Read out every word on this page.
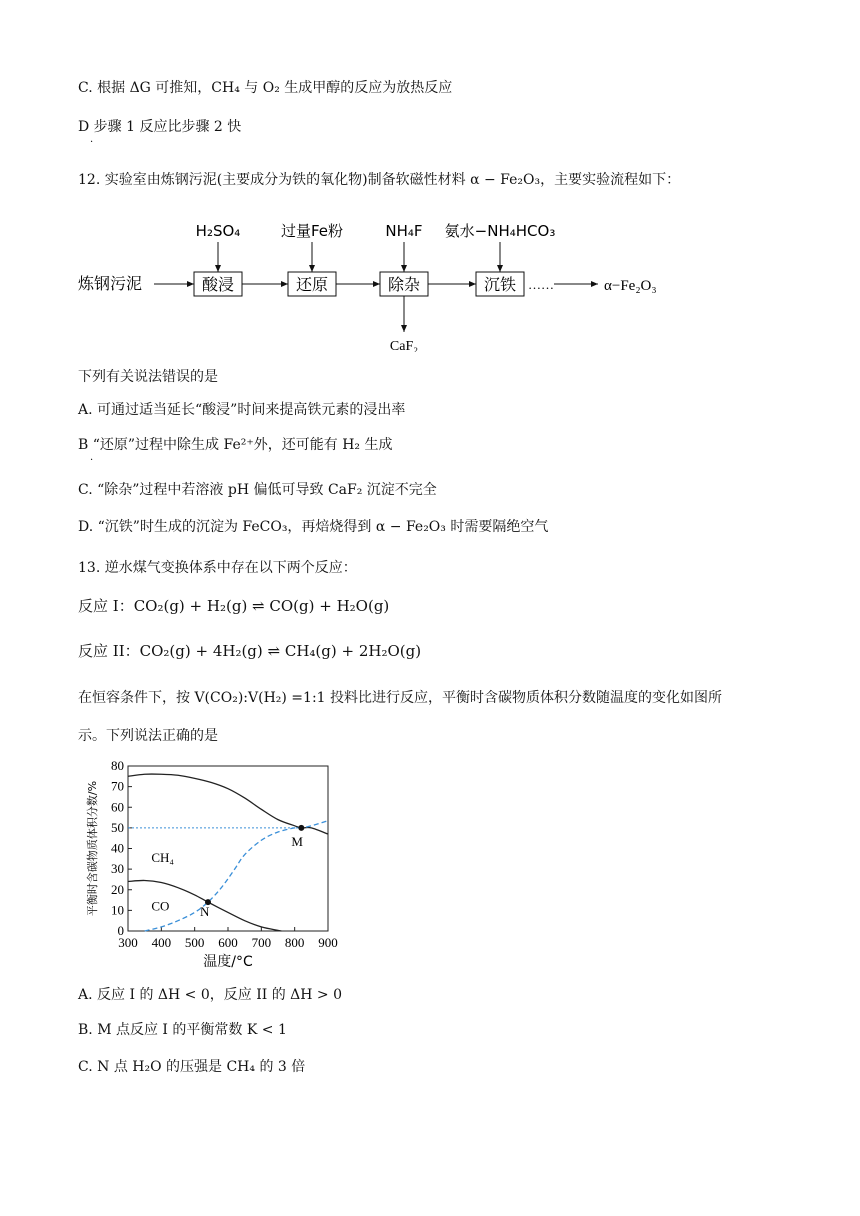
C. 根据 ΔG 可推知，CH₄ 与 O₂ 生成甲醇的反应为放热反应
D 步骤 1 反应比步骤 2 快
·
12. 实验室由炼钢污泥(主要成分为铁的氧化物)制备软磁性材料 α − Fe₂O₃，主要实验流程如下：
炼钢污泥	酸浸
H₂SO₄
还原
过量Fe粉
除杂
NH₄F
CaF₂
沉铁
氨水−NH₄HCO₃
……	α−Fe₂O₃
下列有关说法错误的是
A. 可通过适当延长“酸浸”时间来提高铁元素的浸出率
B “还原”过程中除生成 Fe²⁺外，还可能有 H₂ 生成
·
C. “除杂”过程中若溶液 pH 偏低可导致 CaF₂ 沉淀不完全
D. “沉铁”时生成的沉淀为 FeCO₃，再焙烧得到 α − Fe₂O₃ 时需要隔绝空气
13. 逆水煤气变换体系中存在以下两个反应：
反应 I：CO₂(g) + H₂(g) ⇌ CO(g) + H₂O(g)
反应 II：CO₂(g) + 4H₂(g) ⇌ CH₄(g) + 2H₂O(g)
在恒容条件下，按 V(CO₂):V(H₂) =1:1 投料比进行反应，平衡时含碳物质体积分数随温度的变化如图所
示。下列说法正确的是
300 400 500 600 700 800 900
0
10
20
30
40
50
60
70
80
温度/°C
平衡时含碳物质体积分数/%	CH₄
CO
M
N
A. 反应 I 的 ΔH < 0，反应 II 的 ΔH > 0
B. M 点反应 I 的平衡常数 K < 1
C. N 点 H₂O 的压强是 CH₄ 的 3 倍
